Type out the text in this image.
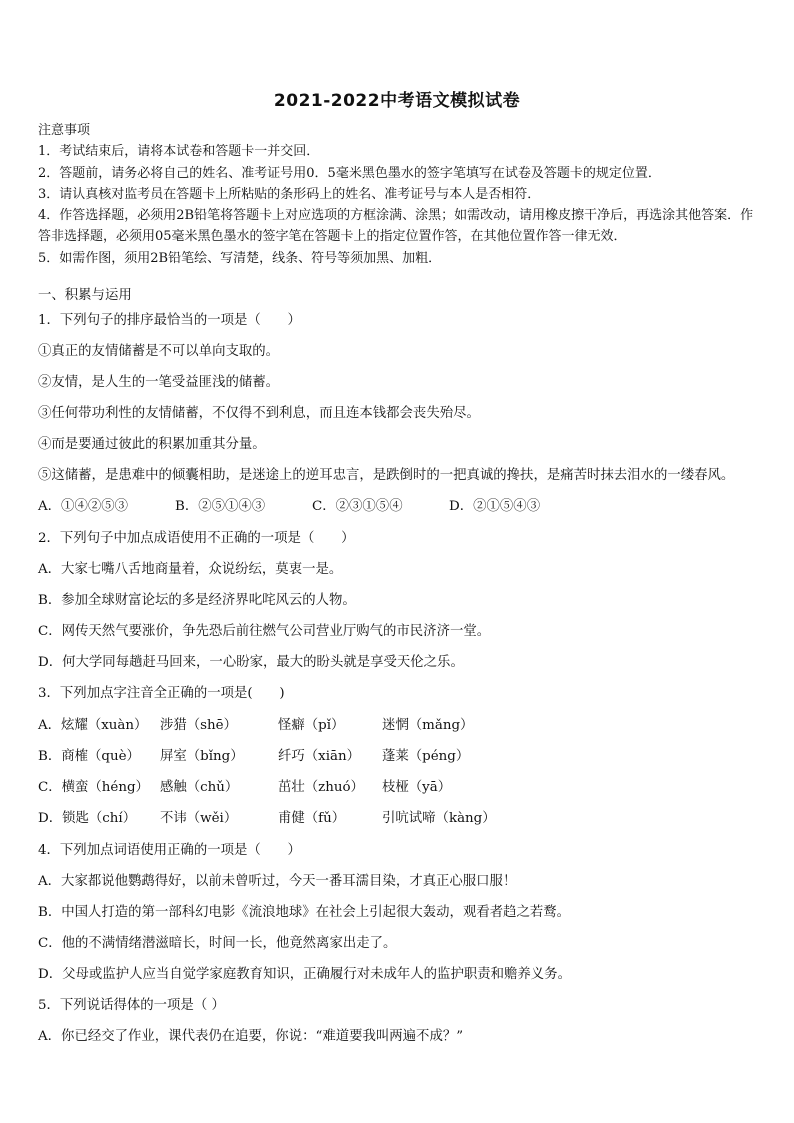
2021-2022中考语文模拟试卷
注意事项
1．考试结束后，请将本试卷和答题卡一并交回．
2．答题前，请务必将自己的姓名、准考证号用0．5毫米黑色墨水的签字笔填写在试卷及答题卡的规定位置．
3．请认真核对监考员在答题卡上所粘贴的条形码上的姓名、准考证号与本人是否相符．
4．作答选择题，必须用2B铅笔将答题卡上对应选项的方框涂满、涂黑；如需改动，请用橡皮擦干净后，再选涂其他答案．作答非选择题，必须用05毫米黑色墨水的签字笔在答题卡上的指定位置作答，在其他位置作答一律无效．
5．如需作图，须用2B铅笔绘、写清楚，线条、符号等须加黑、加粗．
一、积累与运用
1．下列句子的排序最恰当的一项是（　　）
①真正的友情储蓄是不可以单向支取的。
②友情，是人生的一笔受益匪浅的储蓄。
③任何带功利性的友情储蓄，不仅得不到利息，而且连本钱都会丧失殆尽。
④而是要通过彼此的积累加重其分量。
⑤这储蓄，是患难中的倾囊相助，是迷途上的逆耳忠言，是跌倒时的一把真诚的搀扶，是痛苦时抹去泪水的一缕春风。
A．①④②⑤③	B．②⑤①④③	C．②③①⑤④	D．②①⑤④③
2．下列句子中加点成语使用不正确的一项是（　　）
A．大家七嘴八舌地商量着，众说纷纭，莫衷一是。
B．参加全球财富论坛的多是经济界叱咤风云的人物。
C．网传天然气要涨价，争先恐后前往燃气公司营业厅购气的市民济济一堂。
D．何大学同每趟赶马回来，一心盼家，最大的盼头就是享受天伦之乐。
3．下列加点字注音全正确的一项是(　　)
A．炫耀（xuàn） 涉猎（shē）	怪癖（pǐ）	迷惘（mǎng）
B．商榷（què） 屏室（bǐng）	纤巧（xiān） 蓬莱（péng）
C．横蛮（héng） 感触（chǔ）	茁壮（zhuó） 枝桠（yā）
D．锁匙（chí） 不讳（wěi）	甫健（fǔ）	引吭试啼（kàng）
4．下列加点词语使用正确的一项是（　　）
A．大家都说他鹦鹉得好，以前未曾听过，今天一番耳濡目染，才真正心服口服！
B．中国人打造的第一部科幻电影《流浪地球》在社会上引起很大轰动，观看者趋之若鹜。
C．他的不满情绪潜滋暗长，时间一长，他竟然离家出走了。
D．父母或监护人应当自觉学家庭教育知识，正确履行对未成年人的监护职责和赡养义务。
5．下列说话得体的一项是（ ）
A．你已经交了作业，课代表仍在追要，你说：“难道要我叫两遍不成？”
